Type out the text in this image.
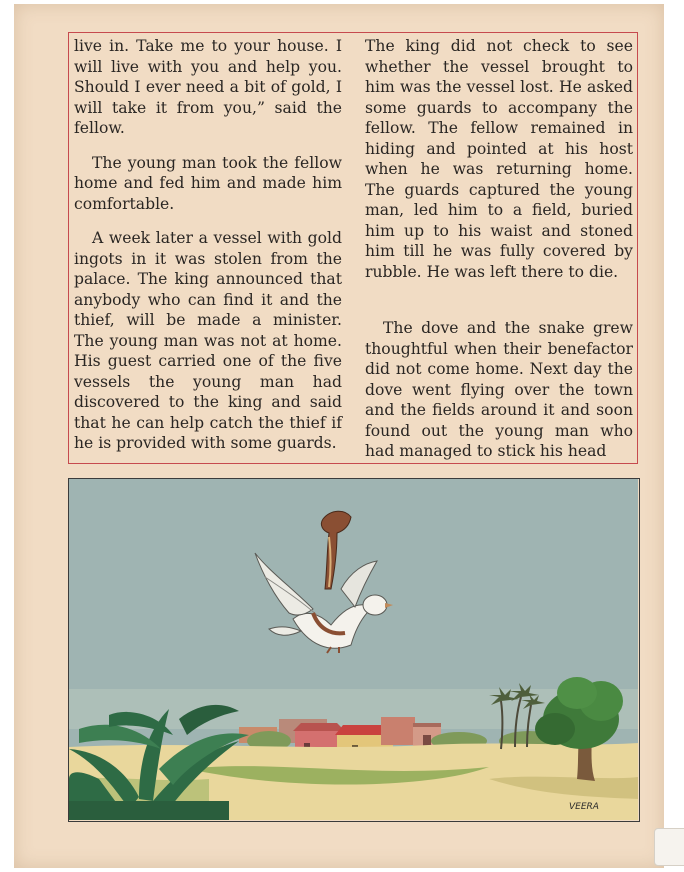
live in. Take me to your house. I will live with you and help you. Should I ever need a bit of gold, I will take it from you,” said the fellow.

The young man took the fellow home and fed him and made him comfortable.

A week later a vessel with gold ingots in it was stolen from the palace. The king announced that anybody who can find it and the thief, will be made a minister. The young man was not at home. His guest carried one of the five vessels the young man had discovered to the king and said that he can help catch the thief if he is provided with some guards.

The king did not check to see whether the vessel brought to him was the vessel lost. He asked some guards to accompany the fellow. The fellow remained in hiding and pointed at his host when he was returning home. The guards captured the young man, led him to a field, buried him up to his waist and stoned him till he was fully covered by rubble. He was left there to die.

The dove and the snake grew thoughtful when their benefactor did not come home. Next day the dove went flying over the town and the fields around it and soon found out the young man who had managed to stick his head

VEERA
